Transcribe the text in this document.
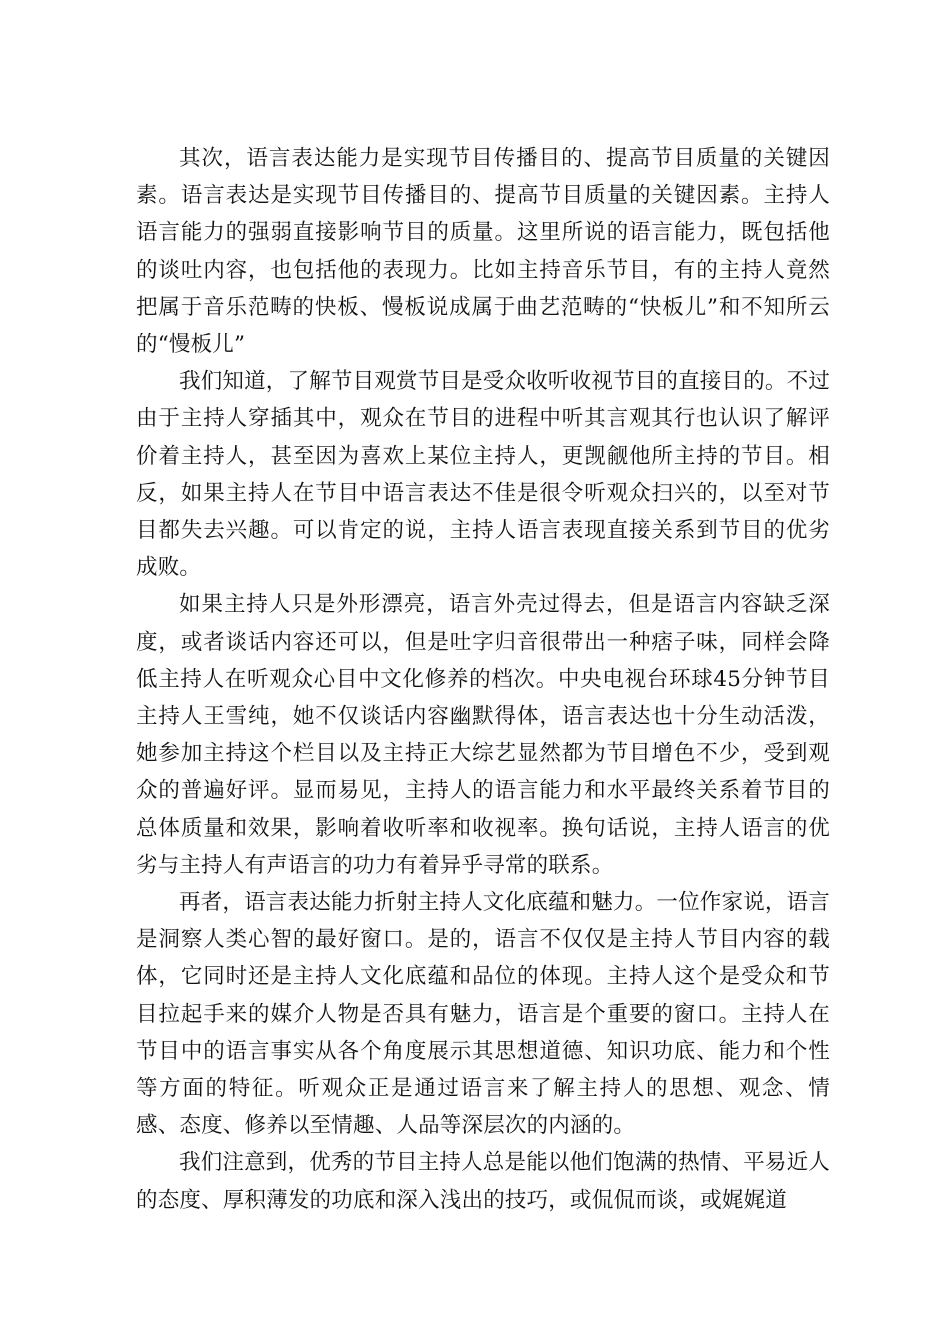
其次，语言表达能力是实现节目传播目的、提高节目质量的关键因素。语言表达是实现节目传播目的、提高节目质量的关键因素。主持人语言能力的强弱直接影响节目的质量。这里所说的语言能力，既包括他的谈吐内容，也包括他的表现力。比如主持音乐节目，有的主持人竟然把属于音乐范畴的快板、慢板说成属于曲艺范畴的“快板儿”和不知所云的“慢板儿”

我们知道，了解节目观赏节目是受众收听收视节目的直接目的。不过由于主持人穿插其中，观众在节目的进程中听其言观其行也认识了解评价着主持人，甚至因为喜欢上某位主持人，更觊觎他所主持的节目。相反，如果主持人在节目中语言表达不佳是很令听观众扫兴的，以至对节目都失去兴趣。可以肯定的说，主持人语言表现直接关系到节目的优劣成败。

如果主持人只是外形漂亮，语言外壳过得去，但是语言内容缺乏深度，或者谈话内容还可以，但是吐字归音很带出一种痞子味，同样会降低主持人在听观众心目中文化修养的档次。中央电视台环球45分钟节目主持人王雪纯，她不仅谈话内容幽默得体，语言表达也十分生动活泼，她参加主持这个栏目以及主持正大综艺显然都为节目增色不少，受到观众的普遍好评。显而易见，主持人的语言能力和水平最终关系着节目的总体质量和效果，影响着收听率和收视率。换句话说，主持人语言的优劣与主持人有声语言的功力有着异乎寻常的联系。

再者，语言表达能力折射主持人文化底蕴和魅力。一位作家说，语言是洞察人类心智的最好窗口。是的，语言不仅仅是主持人节目内容的载体，它同时还是主持人文化底蕴和品位的体现。主持人这个是受众和节目拉起手来的媒介人物是否具有魅力，语言是个重要的窗口。主持人在节目中的语言事实从各个角度展示其思想道德、知识功底、能力和个性等方面的特征。听观众正是通过语言来了解主持人的思想、观念、情感、态度、修养以至情趣、人品等深层次的内涵的。

我们注意到，优秀的节目主持人总是能以他们饱满的热情、平易近人的态度、厚积薄发的功底和深入浅出的技巧，或侃侃而谈，或娓娓道
